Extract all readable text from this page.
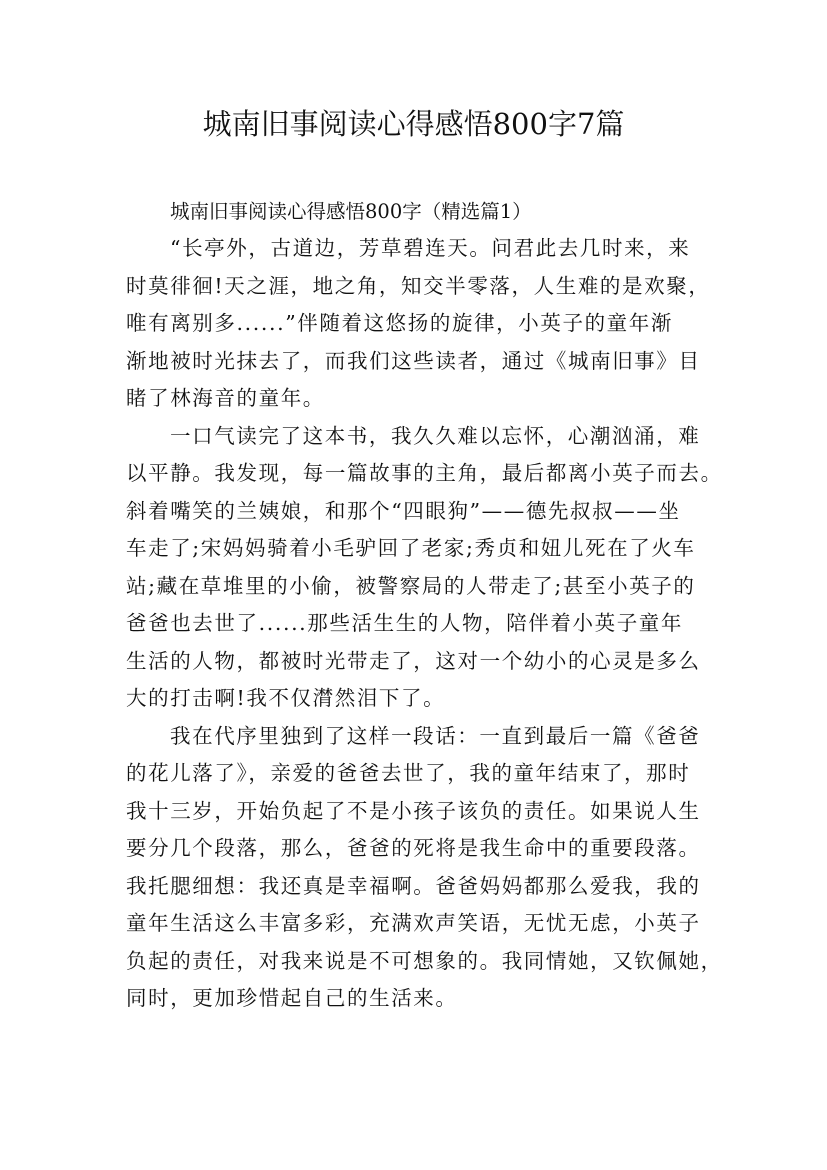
城南旧事阅读心得感悟800字7篇

城南旧事阅读心得感悟800字（精选篇1）

“长亭外，古道边，芳草碧连天。问君此去几时来，来
时莫徘徊!天之涯，地之角，知交半零落，人生难的是欢聚，
唯有离别多......”伴随着这悠扬的旋律，小英子的童年渐
渐地被时光抹去了，而我们这些读者，通过《城南旧事》目
睹了林海音的童年。

一口气读完了这本书，我久久难以忘怀，心潮汹涌，难
以平静。我发现，每一篇故事的主角，最后都离小英子而去。
斜着嘴笑的兰姨娘，和那个“四眼狗”——德先叔叔——坐
车走了;宋妈妈骑着小毛驴回了老家;秀贞和妞儿死在了火车
站;藏在草堆里的小偷，被警察局的人带走了;甚至小英子的
爸爸也去世了......那些活生生的人物，陪伴着小英子童年
生活的人物，都被时光带走了，这对一个幼小的心灵是多么
大的打击啊!我不仅潸然泪下了。

我在代序里独到了这样一段话：一直到最后一篇《爸爸
的花儿落了》，亲爱的爸爸去世了，我的童年结束了，那时
我十三岁，开始负起了不是小孩子该负的责任。如果说人生
要分几个段落，那么，爸爸的死将是我生命中的重要段落。
我托腮细想：我还真是幸福啊。爸爸妈妈都那么爱我，我的
童年生活这么丰富多彩，充满欢声笑语，无忧无虑，小英子
负起的责任，对我来说是不可想象的。我同情她，又钦佩她，
同时，更加珍惜起自己的生活来。
